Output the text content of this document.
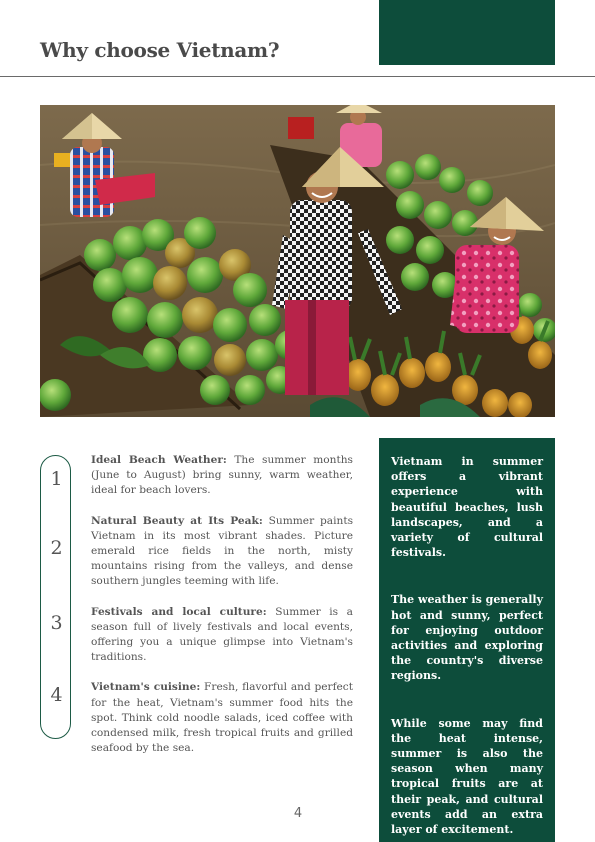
Why choose Vietnam?
1
2
3
4

Ideal Beach Weather: The summer months (June to August) bring sunny, warm weather, ideal for beach lovers.

Natural Beauty at Its Peak: Summer paints Vietnam in its most vibrant shades. Picture emerald rice fields in the north, misty mountains rising from the valleys, and dense southern jungles teeming with life.

Festivals and local culture: Summer is a season full of lively festivals and local events, offering you a unique glimpse into Vietnam's traditions.

Vietnam's cuisine: Fresh, flavorful and perfect for the heat, Vietnam's summer food hits the spot. Think cold noodle salads, iced coffee with condensed milk, fresh tropical fruits and grilled seafood by the sea.

Vietnam in summer offers a vibrant experience with beautiful beaches, lush landscapes, and a variety of cultural festivals.

The weather is generally hot and sunny, perfect for enjoying outdoor activities and exploring the country's diverse regions.

While some may find the heat intense, summer is also the season when many tropical fruits are at their peak, and cultural events add an extra layer of excitement.

4
